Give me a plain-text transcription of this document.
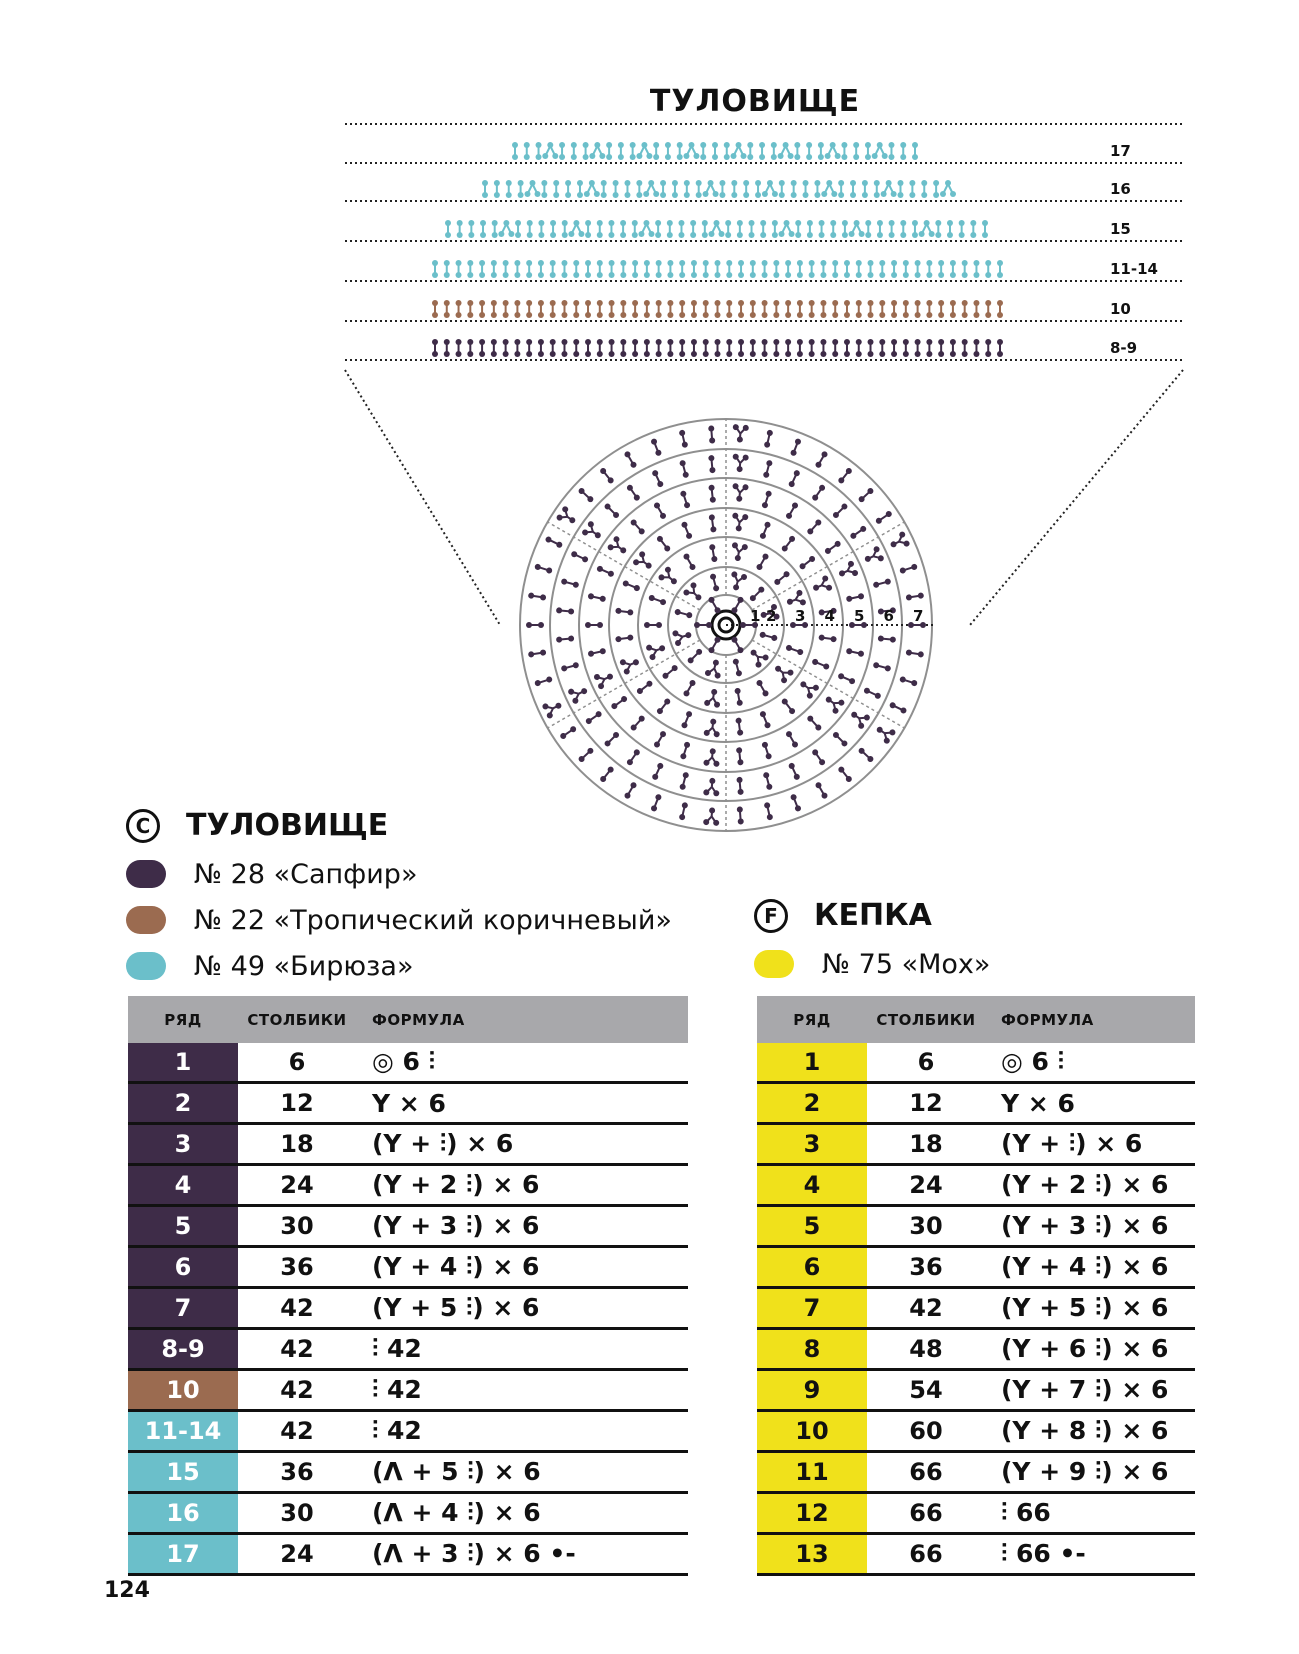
ТУЛОВИЩЕ
17
16
15
11-14
10
8-9
1 2 3 4 5 6 7
C	ТУЛОВИЩЕ
№ 28 «Сапфир»
№ 22 «Тропический коричневый»
№ 49 «Бирюза»
F	КЕПКА
№ 75 «Мох»
РЯД	СТОЛБИКИ	ФОРМУЛА
1	6	◎ 6 ⫶
2	12	Y × 6
3	18	(Y + ⫶) × 6
4	24	(Y + 2 ⫶) × 6
5	30	(Y + 3 ⫶) × 6
6	36	(Y + 4 ⫶) × 6
7	42	(Y + 5 ⫶) × 6
8-9	42	⫶ 42
10	42	⫶ 42
11-14	42	⫶ 42
15	36	(Λ + 5 ⫶) × 6
16	30	(Λ + 4 ⫶) × 6
17	24	(Λ + 3 ⫶) × 6 •-
РЯД	СТОЛБИКИ	ФОРМУЛА
1	6	◎ 6 ⫶
2	12	Y × 6
3	18	(Y + ⫶) × 6
4	24	(Y + 2 ⫶) × 6
5	30	(Y + 3 ⫶) × 6
6	36	(Y + 4 ⫶) × 6
7	42	(Y + 5 ⫶) × 6
8	48	(Y + 6 ⫶) × 6
9	54	(Y + 7 ⫶) × 6
10	60	(Y + 8 ⫶) × 6
11	66	(Y + 9 ⫶) × 6
12	66	⫶ 66
13	66	⫶ 66 •-
124
